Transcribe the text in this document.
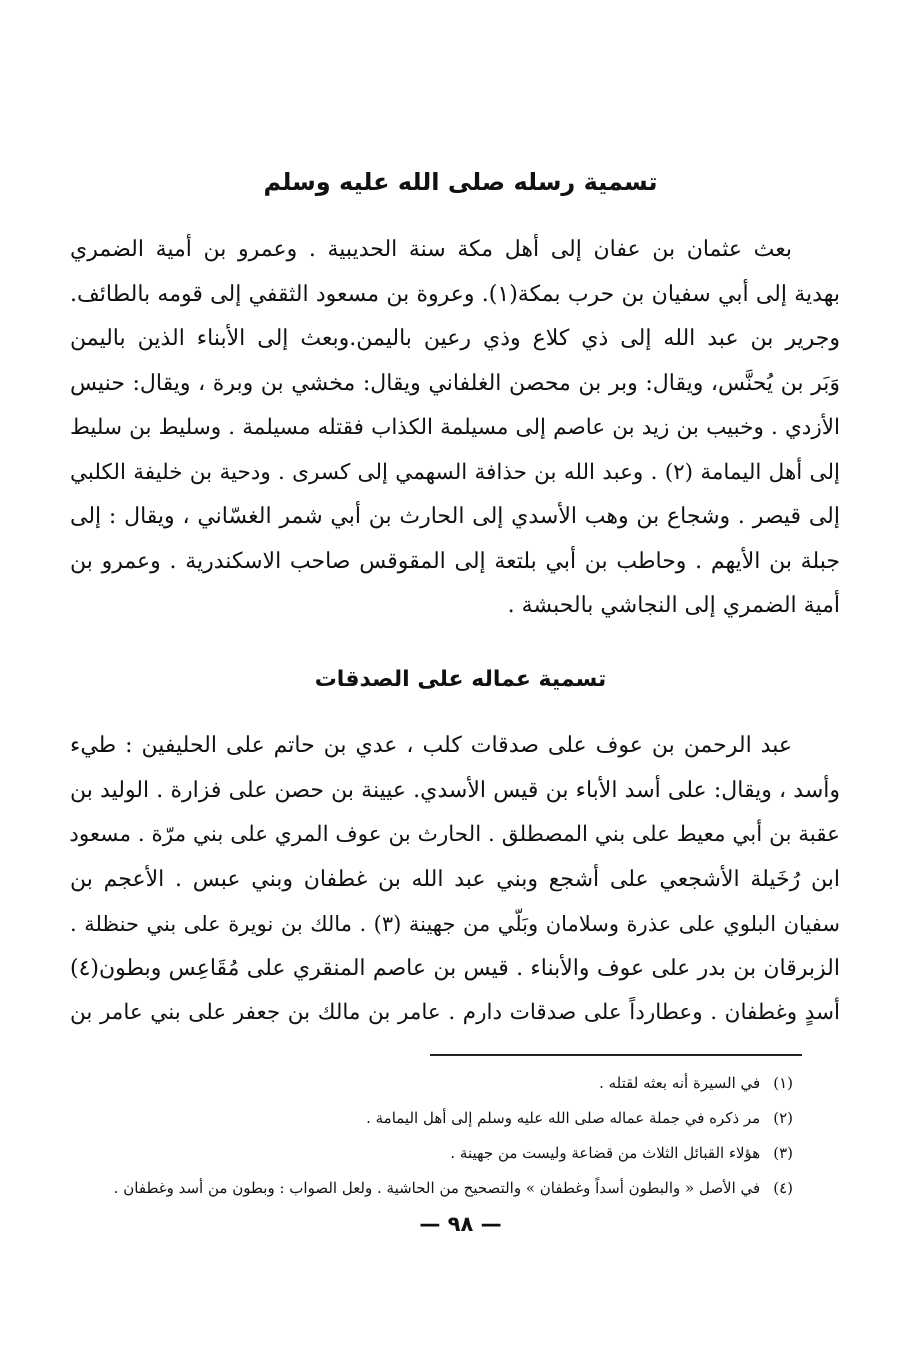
تسمية رسله صلى الله عليه وسلم
بعث عثمان بن عفان إلى أهل مكة سنة الحديبية . وعمرو بن أمية الضمري
بهدية إلى أبي سفيان بن حرب بمكة(١). وعروة بن مسعود الثقفي إلى قومه بالطائف.
وجرير بن عبد الله إلى ذي كلاع وذي رعين باليمن.وبعث إلى الأبناء الذين باليمن
وَبَر بن يُحنَّس، ويقال: وبر بن محصن الغلفاني ويقال: مخشي بن وبرة ، ويقال: حنيس
الأزدي . وخبيب بن زيد بن عاصم إلى مسيلمة الكذاب فقتله مسيلمة . وسليط بن سليط
إلى أهل اليمامة (٢) . وعبد الله بن حذافة السهمي إلى كسرى . ودحية بن خليفة الكلبي
إلى قيصر . وشجاع بن وهب الأسدي إلى الحارث بن أبي شمر الغسّاني ، ويقال : إلى
جبلة بن الأيهم . وحاطب بن أبي بلتعة إلى المقوقس صاحب الاسكندرية . وعمرو بن
أمية الضمري إلى النجاشي بالحبشة .
تسمية عماله على الصدقات
عبد الرحمن بن عوف على صدقات كلب ، عدي بن حاتم على الحليفين : طيء
وأسد ، ويقال: على أسد الأباء بن قيس الأسدي. عيينة بن حصن على فزارة . الوليد بن
عقبة بن أبي معيط على بني المصطلق . الحارث بن عوف المري على بني مرّة . مسعود
ابن رُخَيلة الأشجعي على أشجع وبني عبد الله بن غطفان وبني عبس . الأعجم بن
سفيان البلوي على عذرة وسلامان وبَلّي من جهينة (٣) . مالك بن نويرة على بني حنظلة .
الزبرقان بن بدر على عوف والأبناء . قيس بن عاصم المنقري على مُقَاعِس وبطون(٤)
أسدٍ وغطفان . وعطارداً على صدقات دارم . عامر بن مالك بن جعفر على بني عامر بن
(١) في السيرة أنه بعثه لقتله .
(٢) مر ذكره في جملة عماله صلى الله عليه وسلم إلى أهل اليمامة .
(٣) هؤلاء القبائل الثلاث من قضاعة وليست من جهينة .
(٤) في الأصل « والبطون أسداً وغطفان » والتصحيح من الحاشية . ولعل الصواب : وبطون من أسد وغطفان .
— ٩٨ —
